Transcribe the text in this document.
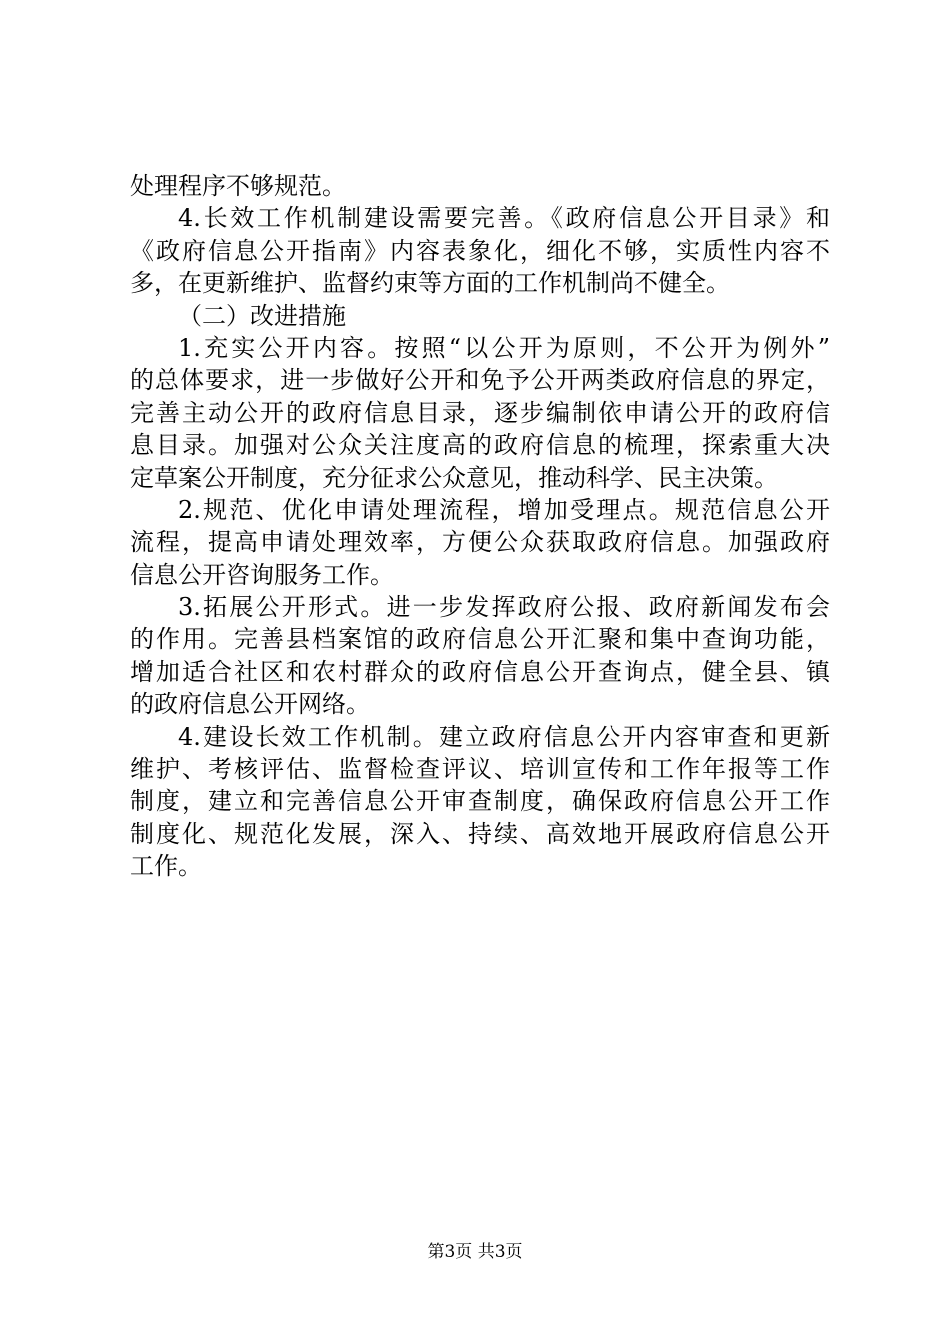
处理程序不够规范。
4.长效工作机制建设需要完善。《政府信息公开目录》和
《政府信息公开指南》内容表象化，细化不够，实质性内容不
多，在更新维护、监督约束等方面的工作机制尚不健全。
（二）改进措施
1.充实公开内容。按照“以公开为原则，不公开为例外”
的总体要求，进一步做好公开和免予公开两类政府信息的界定，
完善主动公开的政府信息目录，逐步编制依申请公开的政府信
息目录。加强对公众关注度高的政府信息的梳理，探索重大决
定草案公开制度，充分征求公众意见，推动科学、民主决策。
2.规范、优化申请处理流程，增加受理点。规范信息公开
流程，提高申请处理效率，方便公众获取政府信息。加强政府
信息公开咨询服务工作。
3.拓展公开形式。进一步发挥政府公报、政府新闻发布会
的作用。完善县档案馆的政府信息公开汇聚和集中查询功能，
增加适合社区和农村群众的政府信息公开查询点，健全县、镇
的政府信息公开网络。
4.建设长效工作机制。建立政府信息公开内容审查和更新
维护、考核评估、监督检查评议、培训宣传和工作年报等工作
制度，建立和完善信息公开审查制度，确保政府信息公开工作
制度化、规范化发展，深入、持续、高效地开展政府信息公开
工作。
第3页 共3页
